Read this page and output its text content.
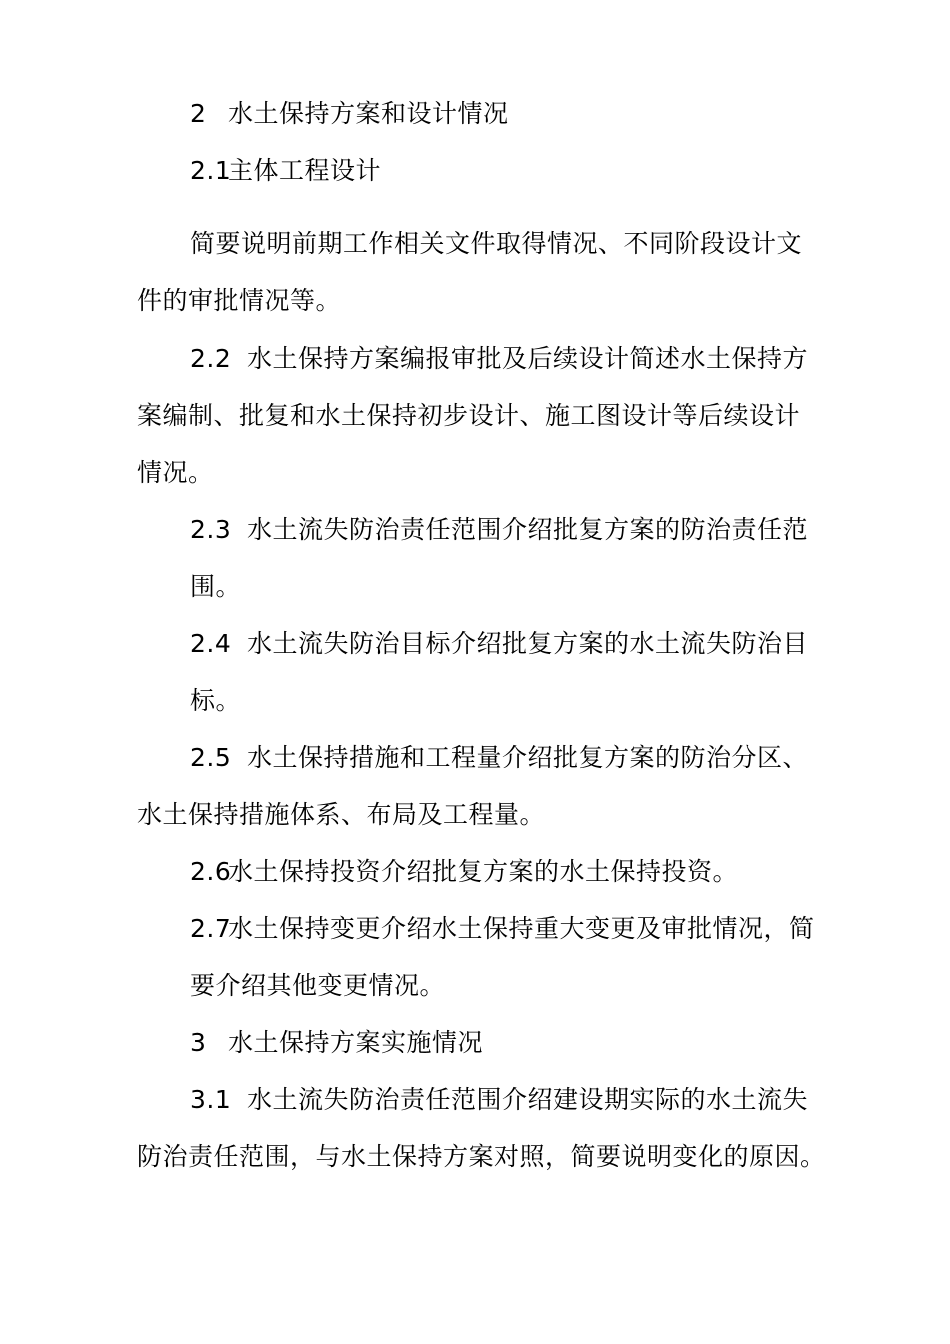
2 水土保持方案和设计情况
2.1主体工程设计
简要说明前期工作相关文件取得情况、不同阶段设计文
件的审批情况等。
2.2 水土保持方案编报审批及后续设计简述水土保持方
案编制、批复和水土保持初步设计、施工图设计等后续设计
情况。
2.3 水土流失防治责任范围介绍批复方案的防治责任范
围。
2.4 水土流失防治目标介绍批复方案的水土流失防治目
标。
2.5 水土保持措施和工程量介绍批复方案的防治分区、
水土保持措施体系、布局及工程量。
2.6水土保持投资介绍批复方案的水土保持投资。
2.7水土保持变更介绍水土保持重大变更及审批情况，简
要介绍其他变更情况。
3 水土保持方案实施情况
3.1 水土流失防治责任范围介绍建设期实际的水土流失
防治责任范围，与水土保持方案对照，简要说明变化的原因。
